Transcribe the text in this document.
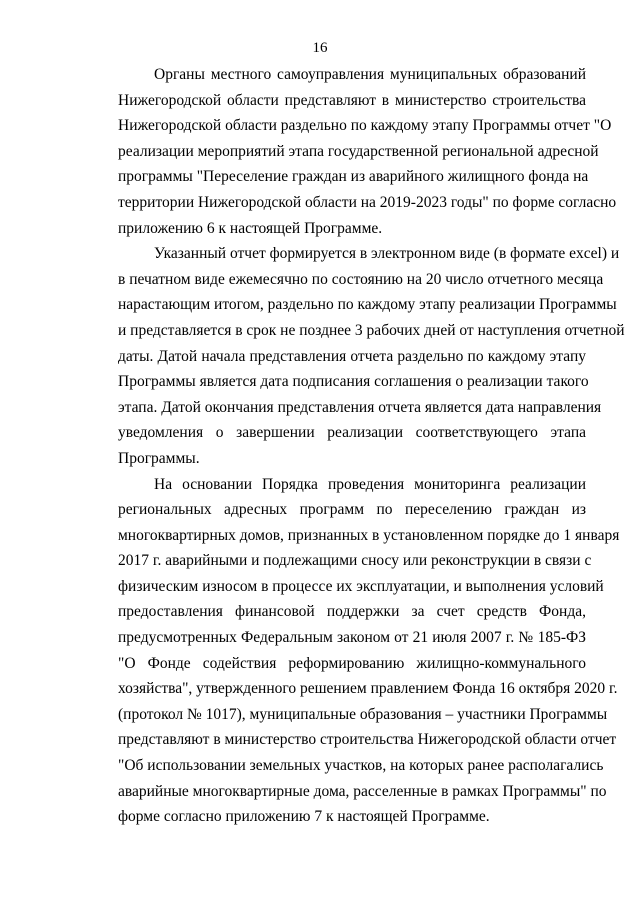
16
Органы местного самоуправления муниципальных образований
Нижегородской области представляют в министерство строительства
Нижегородской области раздельно по каждому этапу Программы отчет "О
реализации мероприятий этапа государственной региональной адресной
программы "Переселение граждан из аварийного жилищного фонда на
территории Нижегородской области на 2019-2023 годы" по форме согласно
приложению 6 к настоящей Программе.
Указанный отчет формируется в электронном виде (в формате excel) и
в печатном виде ежемесячно по состоянию на 20 число отчетного месяца
нарастающим итогом, раздельно по каждому этапу реализации Программы
и представляется в срок не позднее 3 рабочих дней от наступления отчетной
даты. Датой начала представления отчета раздельно по каждому этапу
Программы является дата подписания соглашения о реализации такого
этапа. Датой окончания представления отчета является дата направления
уведомления о завершении реализации соответствующего этапа
Программы.
На основании Порядка проведения мониторинга реализации
региональных адресных программ по переселению граждан из
многоквартирных домов, признанных в установленном порядке до 1 января
2017 г. аварийными и подлежащими сносу или реконструкции в связи с
физическим износом в процессе их эксплуатации, и выполнения условий
предоставления финансовой поддержки за счет средств Фонда,
предусмотренных Федеральным законом от 21 июля 2007 г. № 185-ФЗ
"О Фонде содействия реформированию жилищно-коммунального
хозяйства", утвержденного решением правлением Фонда 16 октября 2020 г.
(протокол № 1017), муниципальные образования – участники Программы
представляют в министерство строительства Нижегородской области отчет
"Об использовании земельных участков, на которых ранее располагались
аварийные многоквартирные дома, расселенные в рамках Программы" по
форме согласно приложению 7 к настоящей Программе.
